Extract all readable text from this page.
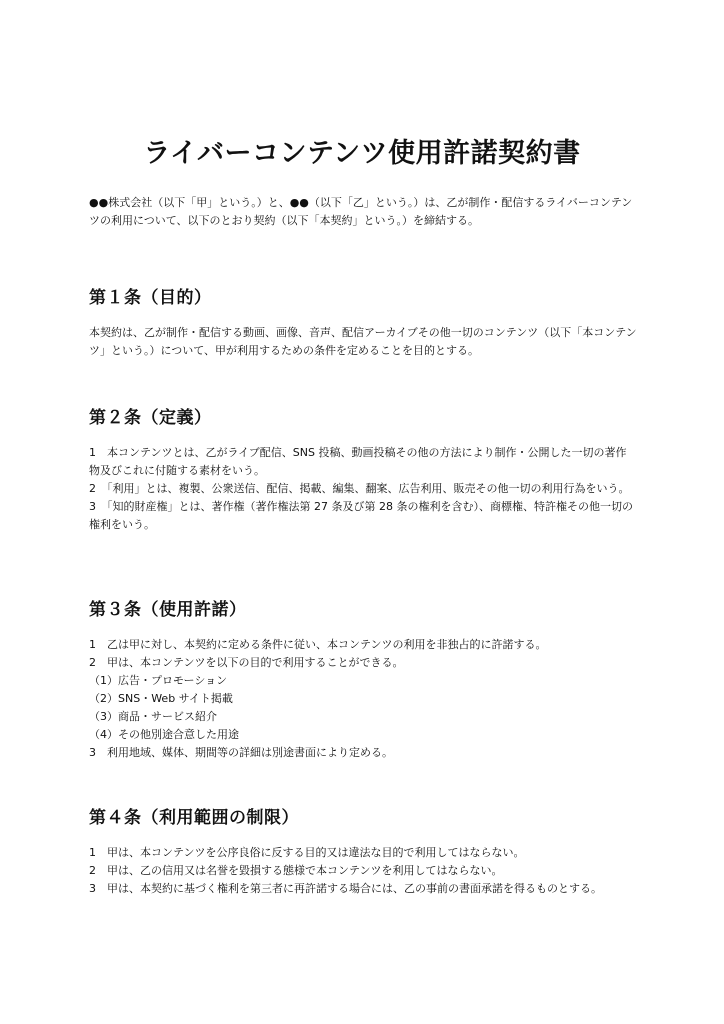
ライバーコンテンツ使用許諾契約書

●●株式会社（以下「甲」という。）と、●●（以下「乙」という。）は、乙が制作・配信するライバーコンテンツの利用について、以下のとおり契約（以下「本契約」という。）を締結する。

第１条（目的）
本契約は、乙が制作・配信する動画、画像、音声、配信アーカイブその他一切のコンテンツ（以下「本コンテンツ」という。）について、甲が利用するための条件を定めることを目的とする。
第２条（定義）
1　本コンテンツとは、乙がライブ配信、SNS 投稿、動画投稿その他の方法により制作・公開した一切の著作物及びこれに付随する素材をいう。
2　「利用」とは、複製、公衆送信、配信、掲載、編集、翻案、広告利用、販売その他一切の利用行為をいう。
3　「知的財産権」とは、著作権（著作権法第 27 条及び第 28 条の権利を含む）、商標権、特許権その他一切の権利をいう。
第３条（使用許諾）
1　乙は甲に対し、本契約に定める条件に従い、本コンテンツの利用を非独占的に許諾する。
2　甲は、本コンテンツを以下の目的で利用することができる。
（1）広告・プロモーション
（2）SNS・Web サイト掲載
（3）商品・サービス紹介
（4）その他別途合意した用途
3　利用地域、媒体、期間等の詳細は別途書面により定める。
第４条（利用範囲の制限）
1　甲は、本コンテンツを公序良俗に反する目的又は違法な目的で利用してはならない。
2　甲は、乙の信用又は名誉を毀損する態様で本コンテンツを利用してはならない。
3　甲は、本契約に基づく権利を第三者に再許諾する場合には、乙の事前の書面承諾を得るものとする。
